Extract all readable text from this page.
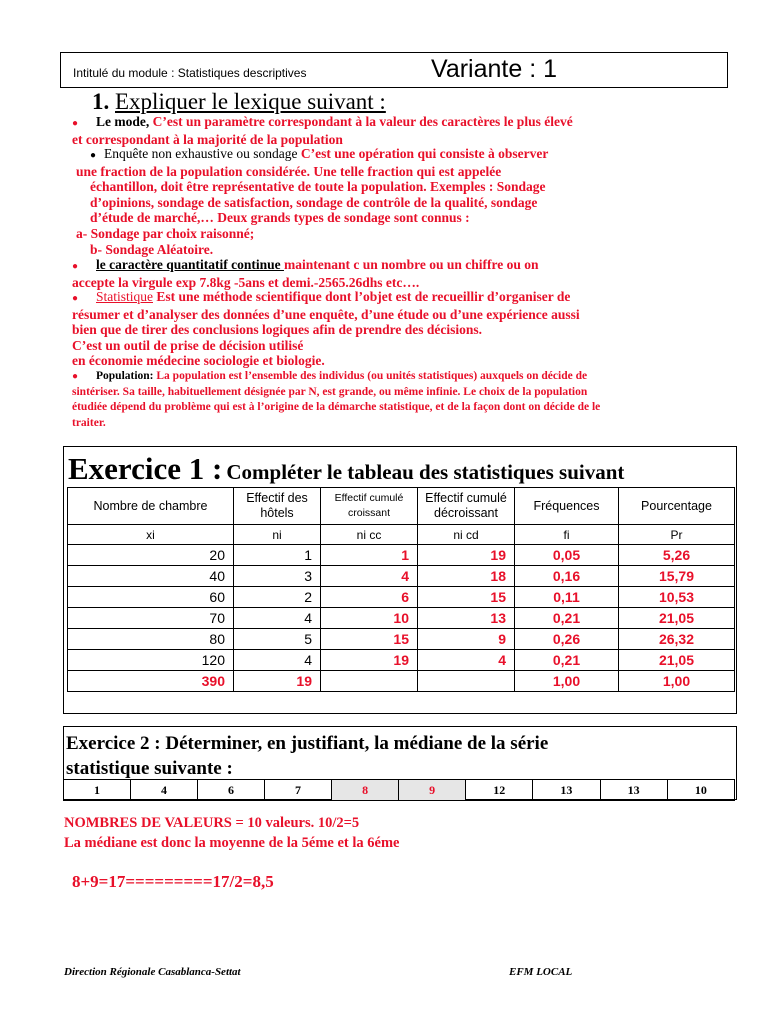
Intitulé du module : Statistiques descriptives	Variante : 1
1. Expliquer le lexique suivant :
● Le mode, C’est un paramètre correspondant à la valeur des caractères le plus élevé
et correspondant à la majorité de la population
● Enquête non exhaustive ou sondage C’est une opération qui consiste à observer
une fraction de la population considérée. Une telle fraction qui est appelée
échantillon, doit être représentative de toute la population. Exemples : Sondage
d’opinions, sondage de satisfaction, sondage de contrôle de la qualité, sondage
d’étude de marché,… Deux grands types de sondage sont connus :
a- Sondage par choix raisonné;
b- Sondage Aléatoire.
● le caractère quantitatif continue maintenant c un nombre ou un chiffre ou on
accepte la virgule exp 7.8kg -5ans et demi.-2565.26dhs etc….
● Statistique Est une méthode scientifique dont l’objet est de recueillir d’organiser de
résumer et d’analyser des données d’une enquête, d’une étude ou d’une expérience aussi
bien que de tirer des conclusions logiques afin de prendre des décisions.
C’est un outil de prise de décision utilisé
en économie médecine sociologie et biologie.
● Population: La population est l’ensemble des individus (ou unités statistiques) auxquels on décide de
sintériser. Sa taille, habituellement désignée par N, est grande, ou même infinie. Le choix de la population
étudiée dépend du problème qui est à l’origine de la démarche statistique, et de la façon dont on décide de le
traiter.
Exercice 1 : Compléter le tableau des statistiques suivant
Nombre de chambre	Effectif des hôtels	Effectif cumulé croissant	Effectif cumulé décroissant	Fréquences	Pourcentage
xi	ni	ni cc	ni cd	fi	Pr
20	1	1	19	0,05	5,26
40	3	4	18	0,16	15,79
60	2	6	15	0,11	10,53
70	4	10	13	0,21	21,05
80	5	15	9	0,26	26,32
120	4	19	4	0,21	21,05
390	19			1,00	1,00
Exercice 2 : Déterminer, en justifiant, la médiane de la série
statistique suivante :
1	4	6	7	8	9	12	13	13	10
NOMBRES DE VALEURS = 10 valeurs. 10/2=5
La médiane est donc la moyenne de la 5éme et la 6éme
8+9=17=========17/2=8,5
Direction Régionale Casablanca-Settat	EFM LOCAL
